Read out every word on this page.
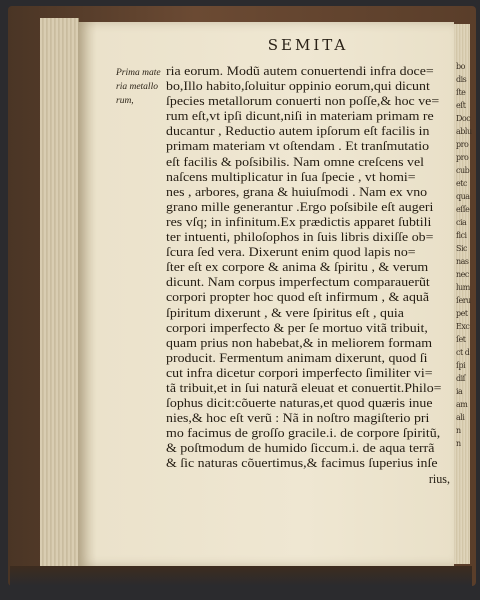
bo
dis
ſte
eſt
Doc
ablu
pro
pro
cub
etc
qua
eſſe
cia
fici
Sic
nas
nec
lum
ſeru
pet
Exc
ſet
ct d
ſpi
diſ
ia
am
ali
n
n
SEMITA
Prima mate
ria metallo
rum,
ria eorum. Modũ autem conuertendi infra doce=
bo,Illo habito,ſoluitur oppinio eorum,qui dicunt
ſpecies metallorum conuerti non poſſe,& hoc ve=
rum eſt,vt ipſi dicunt,niſi in materiam primam re
ducantur , Reductio autem ipſorum eſt facilis in
primam materiam vt oſtendam . Et tranſmutatio
eſt facilis & poſsibilis. Nam omne creſcens vel
naſcens multiplicatur in ſua ſpecie , vt homi=
nes , arbores, grana & huiuſmodi . Nam ex vno
grano mille generantur .Ergo poſsibile eſt augeri
res vſq; in infinitum.Ex prædictis apparet ſubtili
ter intuenti, philoſophos in ſuis libris dixiſſe ob=
ſcura ſed vera. Dixerunt enim quod lapis no=
ſter eſt ex corpore & anima & ſpiritu , & verum
dicunt. Nam corpus imperfectum comparauerũt
corpori propter hoc quod eſt infirmum , & aquã
ſpiritum dixerunt , & vere ſpiritus eſt , quia
corpori imperfecto & per ſe mortuo vitã tribuit,
quam prius non habebat,& in meliorem formam
producit. Fermentum animam dixerunt, quod ſi
cut infra dicetur corpori imperfecto ſimiliter vi=
tã tribuit,et in ſui naturã eleuat et conuertit.Philo=
ſophus dicit:cõuerte naturas,et quod quæris inue
nies,& hoc eſt verũ : Nã in noſtro magiſterio pri
mo facimus de groſſo gracile.i. de corpore ſpiritũ,
& poſtmodum de humido ſiccum.i. de aqua terrã
& ſic naturas cõuertimus,& facimus ſuperius inſe
rius,
